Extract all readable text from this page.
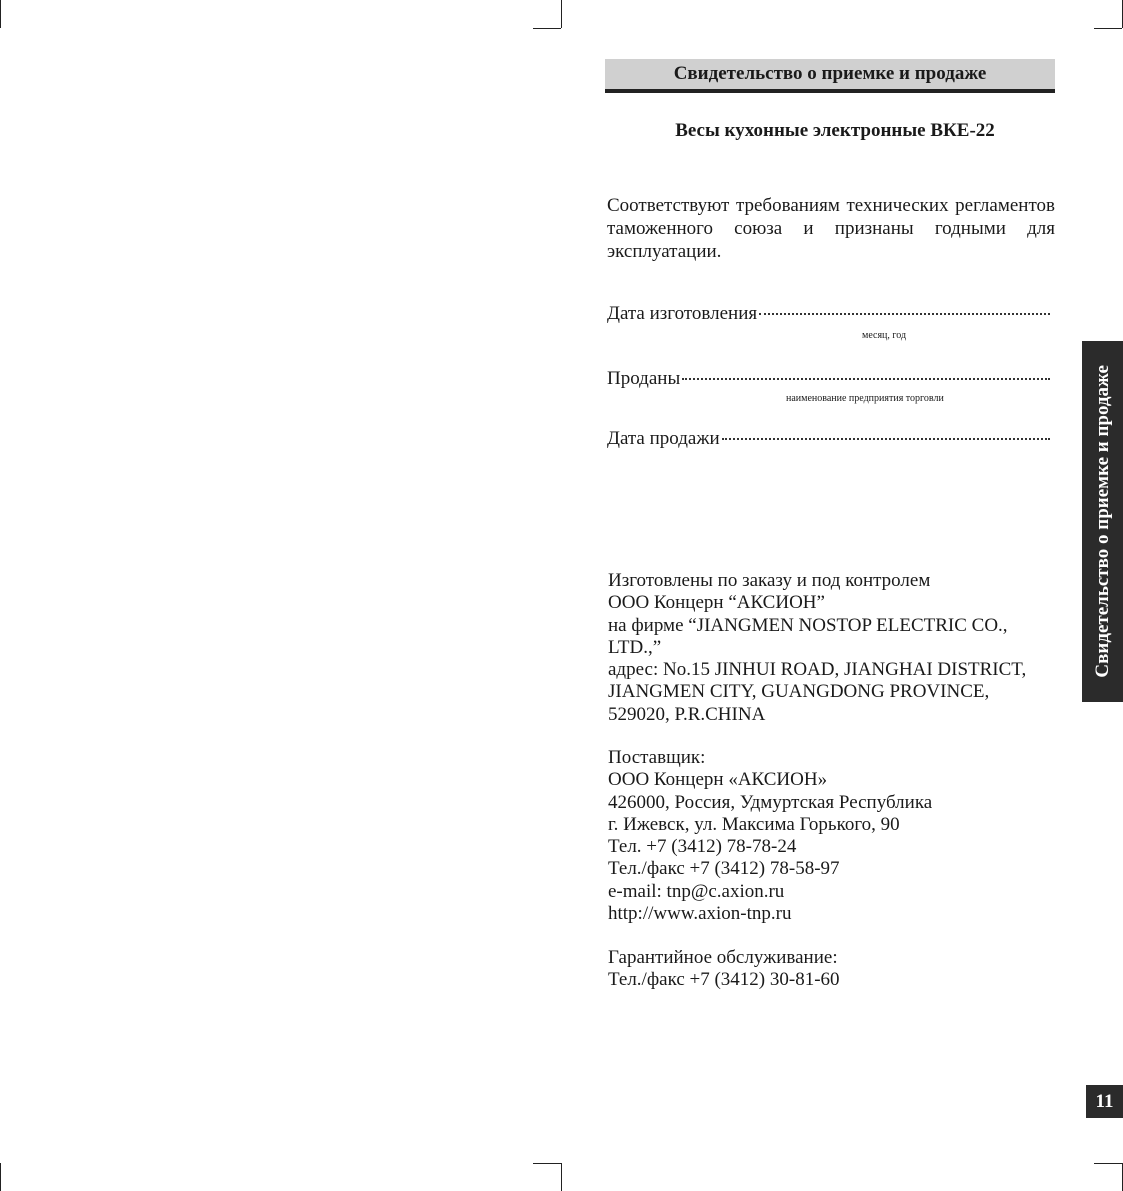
Свидетельство о приемке и продаже
Весы кухонные электронные ВКЕ-22
Соответствуют требованиям технических регламентов таможенного союза и признаны годными для эксплуатации.
Дата изготовления
месяц, год
Проданы
наименование предприятия торговли
Дата продажи
Изготовлены по заказу и под контролем
ООО Концерн “АКСИОН”
на фирме “JIANGMEN NOSTOP ELECTRIC CO.,
LTD.,”
адрес: No.15 JINHUI ROAD, JIANGHAI DISTRICT,
JIANGMEN CITY, GUANGDONG PROVINCE,
529020, P.R.CHINA
Поставщик:
ООО Концерн «АКСИОН»
426000, Россия, Удмуртская Республика
г. Ижевск, ул. Максима Горького, 90
Тел. +7 (3412) 78-78-24
Тел./факс +7 (3412) 78-58-97
e-mail: tnp@c.axion.ru
http://www.axion-tnp.ru
Гарантийное обслуживание:
Тел./факс +7 (3412) 30-81-60
Свидетельство о приемке и продаже
11
